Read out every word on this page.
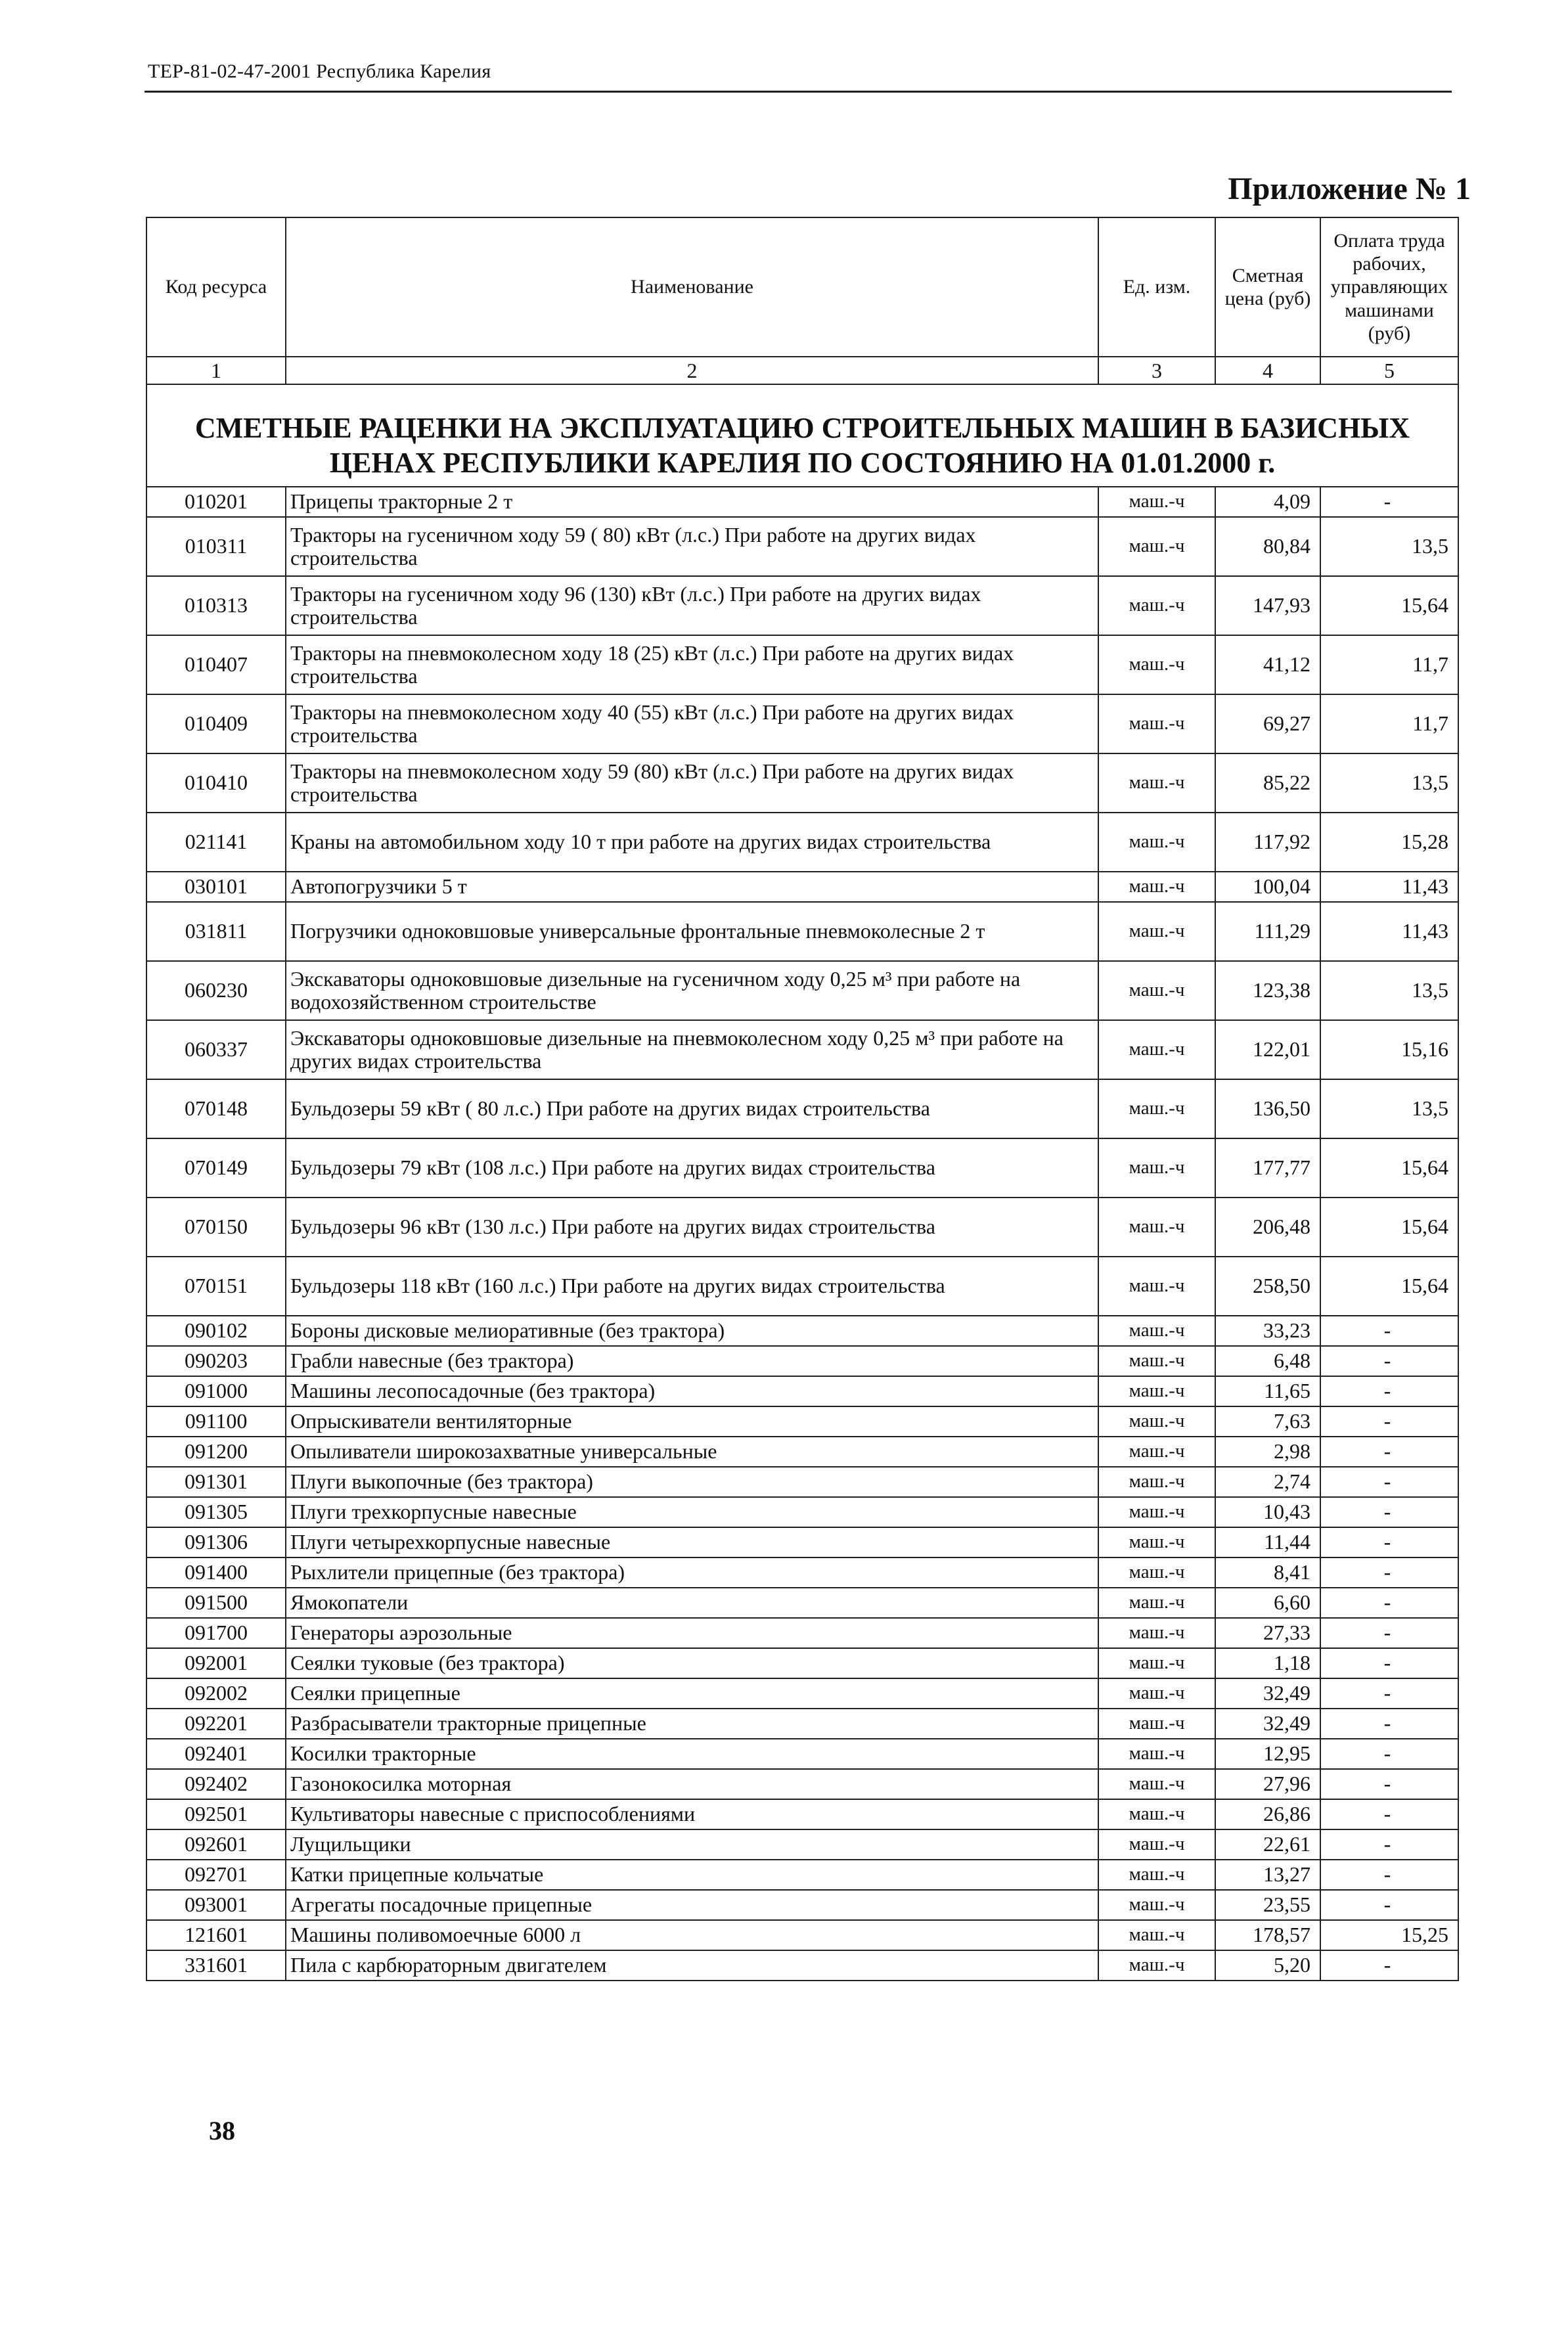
ТЕР-81-02-47-2001 Республика Карелия
Приложение № 1
Код ресурса	Наименование	Ед. изм.	Сметная цена (руб)	Оплата труда рабочих, управляющих машинами (руб)
1	2	3	4	5
СМЕТНЫЕ РАЦЕНКИ НА ЭКСПЛУАТАЦИЮ СТРОИТЕЛЬНЫХ МАШИН В БАЗИСНЫХ ЦЕНАХ РЕСПУБЛИКИ КАРЕЛИЯ ПО СОСТОЯНИЮ НА 01.01.2000 г.				
010201	Прицепы тракторные 2 т	маш.-ч	4,09	-
010311	Тракторы на гусеничном ходу 59 ( 80) кВт (л.с.) При работе на других видах строительства	маш.-ч	80,84	13,5
010313	Тракторы на гусеничном ходу 96 (130) кВт (л.с.) При работе на других видах строительства	маш.-ч	147,93	15,64
010407	Тракторы на пневмоколесном ходу 18 (25) кВт (л.с.) При работе на других видах строительства	маш.-ч	41,12	11,7
010409	Тракторы на пневмоколесном ходу 40 (55) кВт (л.с.) При работе на других видах строительства	маш.-ч	69,27	11,7
010410	Тракторы на пневмоколесном ходу 59 (80) кВт (л.с.) При работе на других видах строительства	маш.-ч	85,22	13,5
021141	Краны на автомобильном ходу 10 т при работе на других видах строительства	маш.-ч	117,92	15,28
030101	Автопогрузчики 5 т	маш.-ч	100,04	11,43
031811	Погрузчики одноковшовые универсальные фронтальные пневмоколесные 2 т	маш.-ч	111,29	11,43
060230	Экскаваторы одноковшовые дизельные на гусеничном ходу 0,25 м³ при работе на водохозяйственном строительстве	маш.-ч	123,38	13,5
060337	Экскаваторы одноковшовые дизельные на пневмоколесном ходу 0,25 м³ при работе на других видах строительства	маш.-ч	122,01	15,16
070148	Бульдозеры 59 кВт ( 80 л.с.) При работе на других видах строительства	маш.-ч	136,50	13,5
070149	Бульдозеры 79 кВт (108 л.с.) При работе на других видах строительства	маш.-ч	177,77	15,64
070150	Бульдозеры 96 кВт (130 л.с.) При работе на других видах строительства	маш.-ч	206,48	15,64
070151	Бульдозеры 118 кВт (160 л.с.) При работе на других видах строительства	маш.-ч	258,50	15,64
090102	Бороны дисковые мелиоративные (без трактора)	маш.-ч	33,23	-
090203	Грабли навесные (без трактора)	маш.-ч	6,48	-
091000	Машины лесопосадочные (без трактора)	маш.-ч	11,65	-
091100	Опрыскиватели вентиляторные	маш.-ч	7,63	-
091200	Опыливатели широкозахватные универсальные	маш.-ч	2,98	-
091301	Плуги выкопочные (без трактора)	маш.-ч	2,74	-
091305	Плуги трехкорпусные навесные	маш.-ч	10,43	-
091306	Плуги четырехкорпусные навесные	маш.-ч	11,44	-
091400	Рыхлители прицепные (без трактора)	маш.-ч	8,41	-
091500	Ямокопатели	маш.-ч	6,60	-
091700	Генераторы аэрозольные	маш.-ч	27,33	-
092001	Сеялки туковые (без трактора)	маш.-ч	1,18	-
092002	Сеялки прицепные	маш.-ч	32,49	-
092201	Разбрасыватели тракторные прицепные	маш.-ч	32,49	-
092401	Косилки тракторные	маш.-ч	12,95	-
092402	Газонокосилка моторная	маш.-ч	27,96	-
092501	Культиваторы навесные с приспособлениями	маш.-ч	26,86	-
092601	Лущильщики	маш.-ч	22,61	-
092701	Катки прицепные кольчатые	маш.-ч	13,27	-
093001	Агрегаты посадочные прицепные	маш.-ч	23,55	-
121601	Машины поливомоечные 6000 л	маш.-ч	178,57	15,25
331601	Пила с карбюраторным двигателем	маш.-ч	5,20	-
38
